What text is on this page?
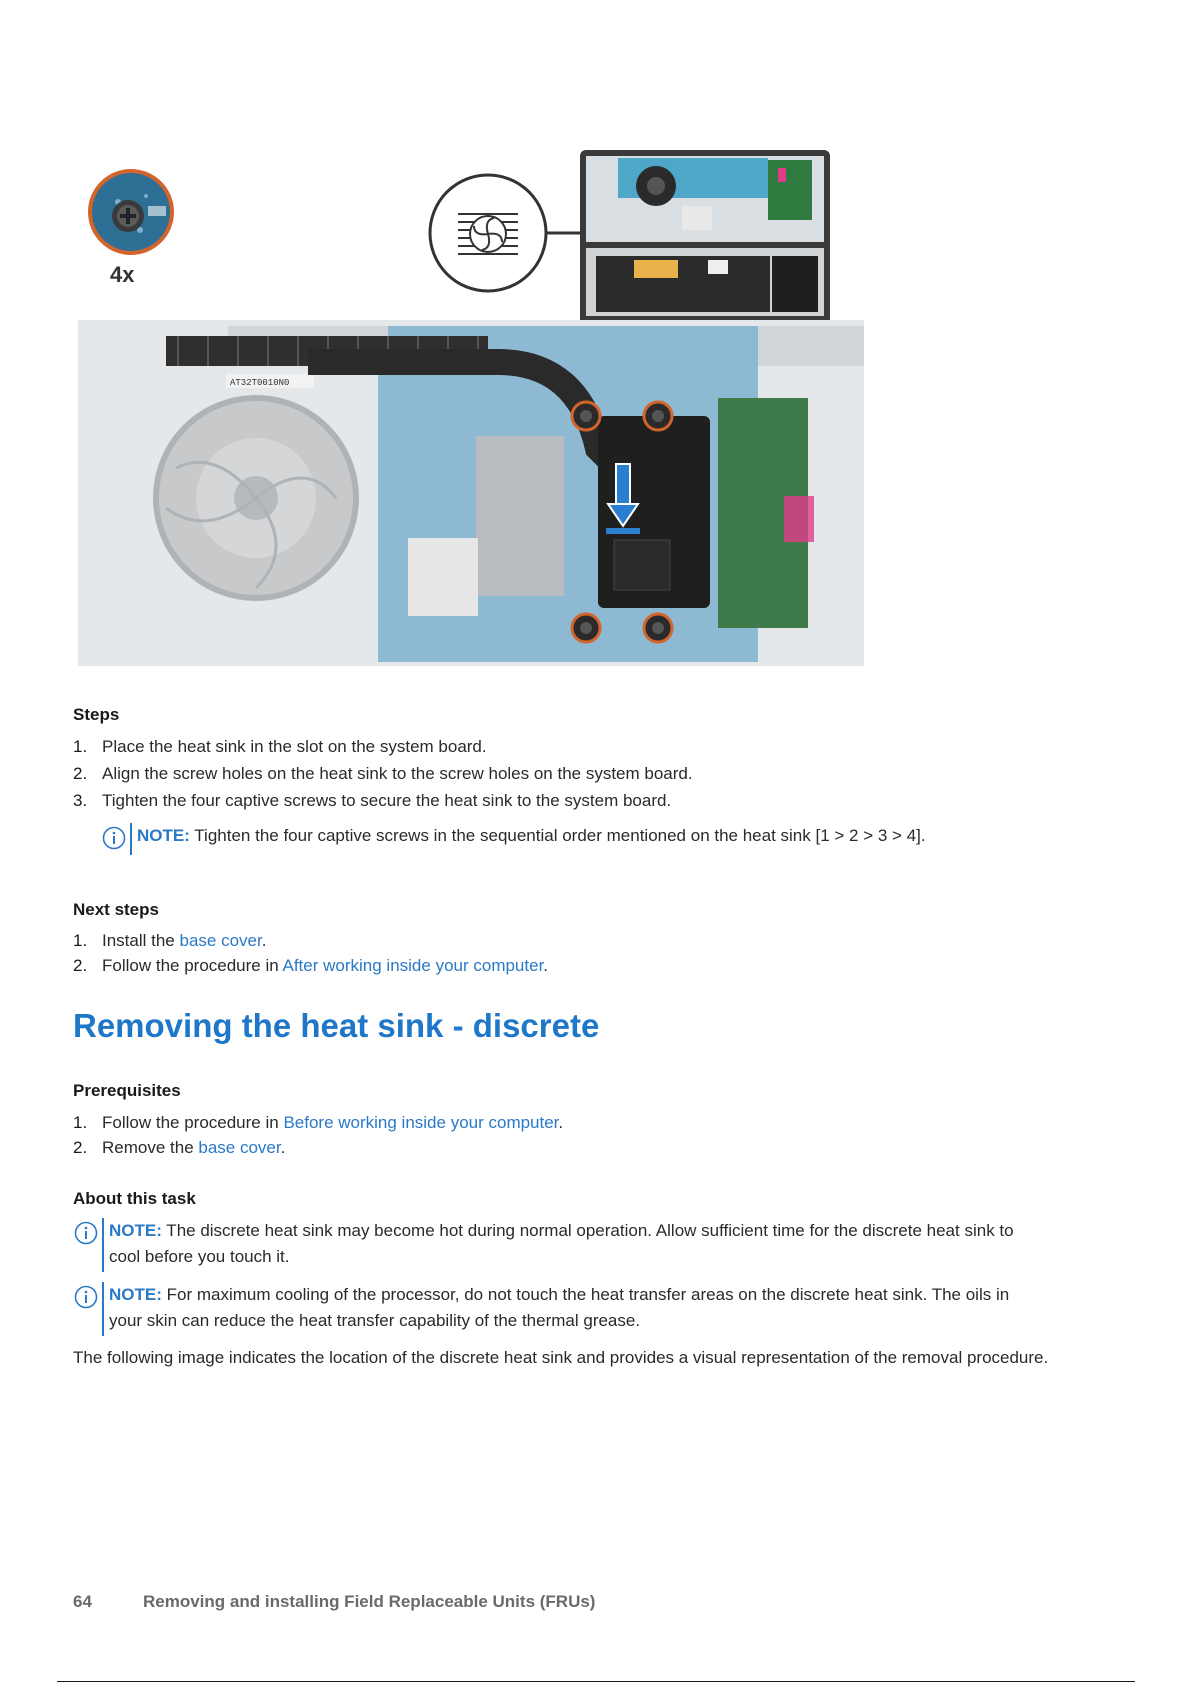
4x
AT32T0010N0
Steps
1. Place the heat sink in the slot on the system board.
2. Align the screw holes on the heat sink to the screw holes on the system board.
3. Tighten the four captive screws to secure the heat sink to the system board.
NOTE: Tighten the four captive screws in the sequential order mentioned on the heat sink [1 > 2 > 3 > 4].
Next steps
1. Install the base cover.
2. Follow the procedure in After working inside your computer.
Removing the heat sink - discrete
Prerequisites
1. Follow the procedure in Before working inside your computer.
2. Remove the base cover.
About this task
NOTE: The discrete heat sink may become hot during normal operation. Allow sufficient time for the discrete heat sink to
cool before you touch it.
NOTE: For maximum cooling of the processor, do not touch the heat transfer areas on the discrete heat sink. The oils in
your skin can reduce the heat transfer capability of the thermal grease.

The following image indicates the location of the discrete heat sink and provides a visual representation of the removal procedure.

64	Removing and installing Field Replaceable Units (FRUs)
